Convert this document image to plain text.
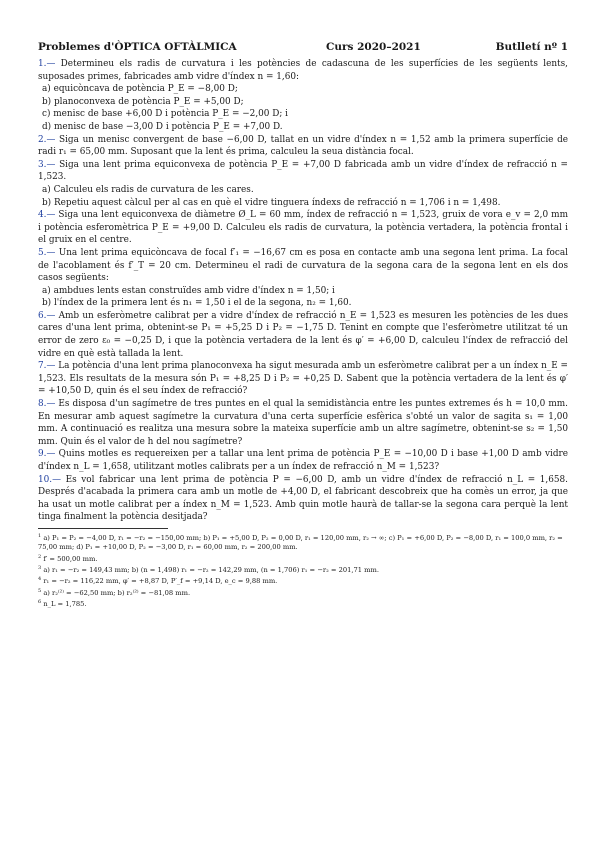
Problemes d'ÒPTICA OFTÀLMICA	Curs 2020–2021	Butlletí nº 1

1.— Determineu els radis de curvatura i les potències de cadascuna de les superfícies de les següents lents, suposades primes, fabricades amb vidre d'índex n = 1,60:

a) equicòncava de potència P_E = −8,00 D;

b) planoconvexa de potència P_E = +5,00 D;

c) menisc de base +6,00 D i potència P_E = −2,00 D; i

d) menisc de base −3,00 D i potència P_E = +7,00 D.

2.— Siga un menisc convergent de base −6,00 D, tallat en un vidre d'índex n = 1,52 amb la primera superfície de radi r₁ = 65,00 mm. Suposant que la lent és prima, calculeu la seua distància focal.

3.— Siga una lent prima equiconvexa de potència P_E = +7,00 D fabricada amb un vidre d'índex de refracció n = 1,523.

a) Calculeu els radis de curvatura de les cares.

b) Repetiu aquest càlcul per al cas en què el vidre tinguera índexs de refracció n = 1,706 i n = 1,498.

4.— Siga una lent equiconvexa de diàmetre Ø_L = 60 mm, índex de refracció n = 1,523, gruix de vora e_v = 2,0 mm i potència esferomètrica P_E = +9,00 D. Calculeu els radis de curvatura, la potència vertadera, la potència frontal i el gruix en el centre.

5.— Una lent prima equicòncava de focal f′₁ = −16,67 cm es posa en contacte amb una segona lent prima. La focal de l'acoblament és f′_T = 20 cm. Determineu el radi de curvatura de la segona cara de la segona lent en els dos casos següents:

a) ambdues lents estan construïdes amb vidre d'índex n = 1,50; i

b) l'índex de la primera lent és n₁ = 1,50 i el de la segona, n₂ = 1,60.

6.— Amb un esferòmetre calibrat per a vidre d'índex de refracció n_E = 1,523 es mesuren les potències de les dues cares d'una lent prima, obtenint-se P₁ = +5,25 D i P₂ = −1,75 D. Tenint en compte que l'esferòmetre utilitzat té un error de zero ε₀ = −0,25 D, i que la potència vertadera de la lent és φ′ = +6,00 D, calculeu l'índex de refracció del vidre en què està tallada la lent.

7.— La potència d'una lent prima planoconvexa ha sigut mesurada amb un esferòmetre calibrat per a un índex n_E = 1,523. Els resultats de la mesura són P₁ = +8,25 D i P₂ = +0,25 D. Sabent que la potència vertadera de la lent és φ′ = +10,50 D, quin és el seu índex de refracció?

8.— Es disposa d'un sagímetre de tres puntes en el qual la semidistància entre les puntes extremes és h = 10,0 mm. En mesurar amb aquest sagímetre la curvatura d'una certa superfície esfèrica s'obté un valor de sagita s₁ = 1,00 mm. A continuació es realitza una mesura sobre la mateixa superfície amb un altre sagímetre, obtenint-se s₂ = 1,50 mm. Quin és el valor de h del nou sagímetre?

9.— Quins motles es requereixen per a tallar una lent prima de potència P_E = −10,00 D i base +1,00 D amb vidre d'índex n_L = 1,658, utilitzant motles calibrats per a un índex de refracció n_M = 1,523?

10.— Es vol fabricar una lent prima de potència P = −6,00 D, amb un vidre d'índex de refracció n_L = 1,658. Després d'acabada la primera cara amb un motle de +4,00 D, el fabricant descobreix que ha comès un error, ja que ha usat un motle calibrat per a índex n_M = 1,523. Amb quin motle haurà de tallar-se la segona cara perquè la lent tinga finalment la potència desitjada?

$^1$ a) P₁ = P₂ = −4,00 D, r₁ = −r₂ = −150,00 mm; b) P₁ = +5,00 D, P₂ = 0,00 D, r₁ = 120,00 mm, r₂ → ∞; c) P₁ = +6,00 D, P₂ = −8,00 D, r₁ = 100,0 mm, r₂ = 75,00 mm; d) P₁ = +10,00 D, P₂ = −3,00 D, r₁ = 60,00 mm, r₂ = 200,00 mm.

$^2$ f′ = 500,00 mm.

$^3$ a) r₁ = −r₂ = 149,43 mm; b) (n = 1,498) r₁ = −r₂ = 142,29 mm, (n = 1,706) r₁ = −r₂ = 201,71 mm.

$^4$ r₁ = −r₂ = 116,22 mm, φ′ = +8,87 D, P′_f = +9,14 D, e_c = 9,88 mm.

$^5$ a) r₂⁽²⁾ = −62,50 mm; b) r₂⁽²⁾ = −81,08 mm.

$^6$ n_L = 1,785.
